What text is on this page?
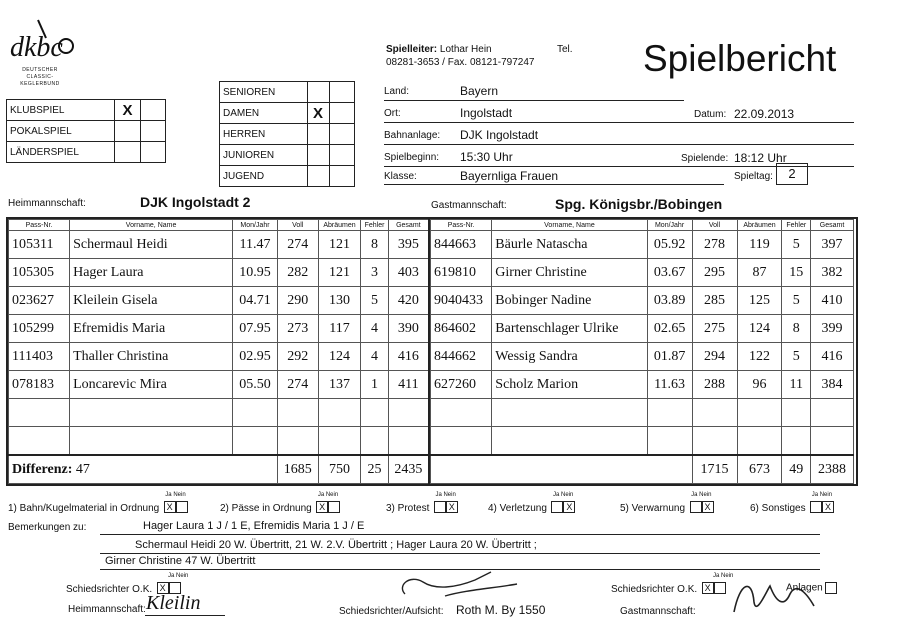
dkbc
DEUTSCHER CLASSIC-
KEGLERBUND
Spielleiter: Lothar Hein	Tel.
08281-3653 / Fax. 08121-797247	Spielbericht
KLUBSPIEL	X	
POKALSPIEL		
LÄNDERSPIEL		
SENIOREN		
DAMEN	X	
HERREN		
JUNIOREN		
JUGEND		
Land:	Bayern
Ort:	Ingolstadt	Datum: 22.09.2013
Bahnanlage: DJK Ingolstadt
Spielbeginn: 15:30 Uhr	Spielende: 18:12 Uhr
Klasse:	Bayernliga Frauen	Spieltag:	2
Heimmannschaft:	DJK Ingolstadt 2	Gastmannschaft:	Spg. Königsbr./Bobingen
Pass-Nr.	Vorname, Name	Mon/Jahr	Voll	Abräumen	Fehler	Gesamt
105311	Schermaul Heidi	11.47	274	121	8	395
105305	Hager Laura	10.95	282	121	3	403
023627	Kleilein Gisela	04.71	290	130	5	420
105299	Efremidis Maria	07.95	273	117	4	390
111403	Thaller Christina	02.95	292	124	4	416
078183	Loncarevic Mira	05.50	274	137	1	411

Differenz: 47			1685	750	25	2435
Pass-Nr.	Vorname, Name	Mon/Jahr	Voll	Abräumen	Fehler	Gesamt
844663	Bäurle Natascha	05.92	278	119	5	397
619810	Girner Christine	03.67	295	87	15	382
9040433	Bobinger Nadine	03.89	285	125	5	410
864602	Bartenschlager Ulrike	02.65	275	124	8	399
844662	Wessig Sandra	01.87	294	122	5	416
627260	Scholz Marion	11.63	288	96	11	384

			1715	673	49	2388
Ja Nein
1) Bahn/Kugelmaterial in Ordnung X
Ja Nein
2) Pässe in Ordnung X
Ja Nein
3) Protest X
Ja Nein
4) Verletzung X
Ja Nein
5) Verwarnung X
Ja Nein
6) Sonstiges X
Bemerkungen zu:	Hager Laura 1 J / 1 E, Efremidis Maria 1 J / E
Schermaul Heidi 20 W. Übertritt, 21 W. 2.V. Übertritt ; Hager Laura 20 W. Übertritt ;
Girner Christine 47 W. Übertritt
Ja Nein
Schiedsrichter O.K. X
Heimmannschaft: Kleilin	Schiedsrichter/Aufsicht: Roth M. By 1550
Ja Nein
Schiedsrichter O.K. X
Gastmannschaft:
Anlagen
